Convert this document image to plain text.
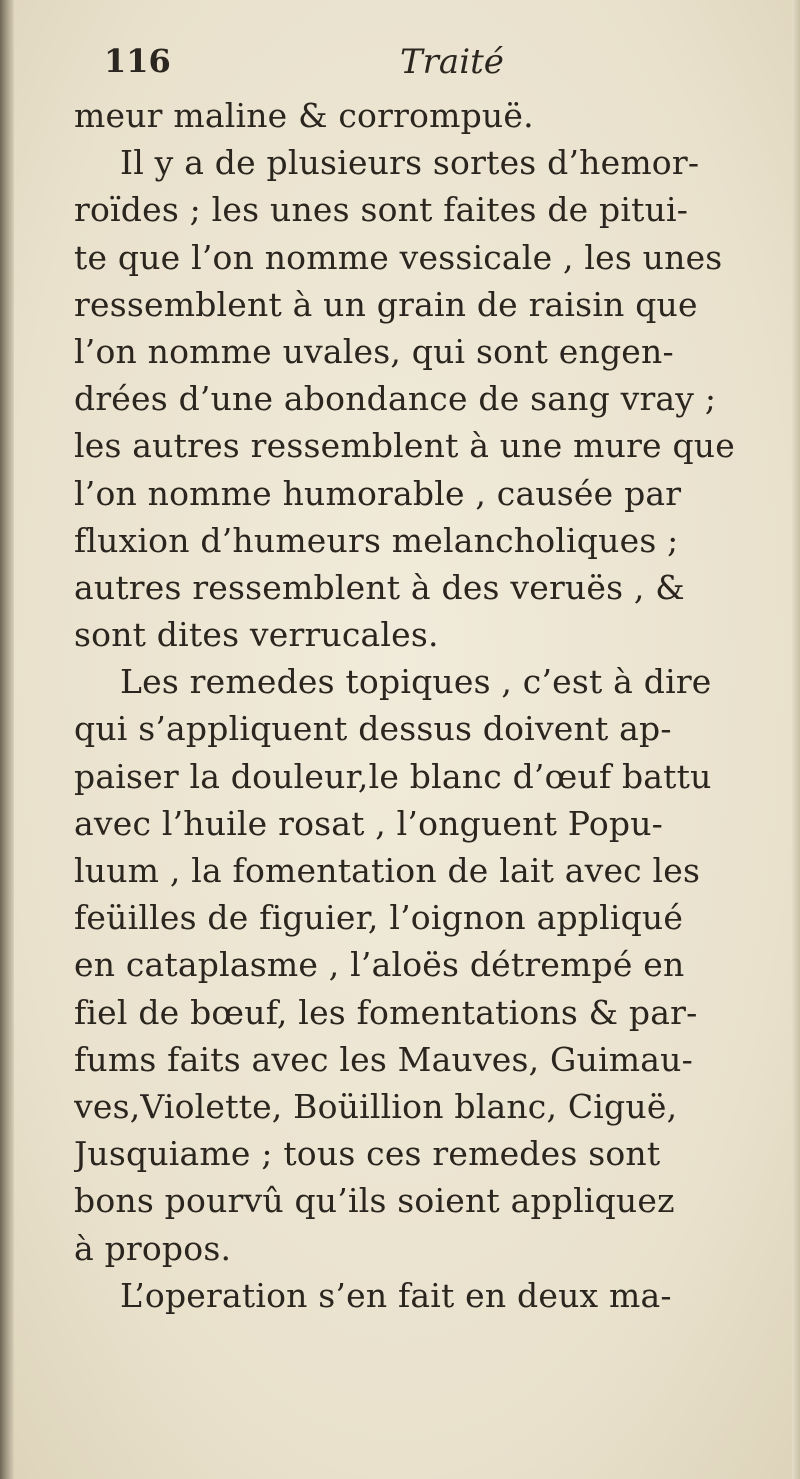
116	Traité
meur maline & corrompuë.
Il y a de plusieurs sortes d’hemor-
roïdes ; les unes sont faites de pitui-
te que l’on nomme vessicale , les unes
ressemblent à un grain de raisin que
l’on nomme uvales, qui sont engen-
drées d’une abondance de sang vray ;
les autres ressemblent à une mure que
l’on nomme humorable , causée par
fluxion d’humeurs melancholiques ;
autres ressemblent à des veruës , &
sont dites verrucales.
Les remedes topiques , c’est à dire
qui s’appliquent dessus doivent ap-
paiser la douleur,le blanc d’œuf battu
avec l’huile rosat , l’onguent Popu-
luum , la fomentation de lait avec les
feüilles de figuier, l’oignon appliqué
en cataplasme , l’aloës détrempé en
fiel de bœuf, les fomentations & par-
fums faits avec les Mauves, Guimau-
ves,Violette, Boüillion blanc, Ciguë,
Jusquiame ; tous ces remedes sont
bons pourvû qu’ils soient appliquez
à propos.
L’operation s’en fait en deux ma-
